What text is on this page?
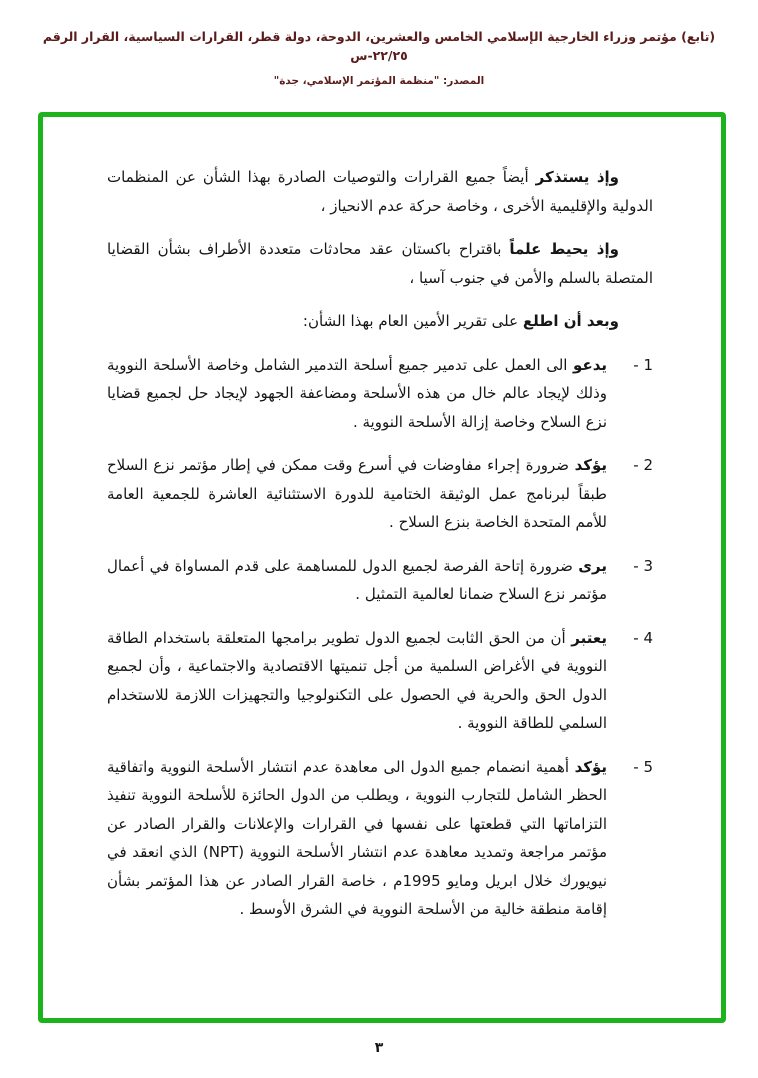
(تابع) مؤتمر وزراء الخارجية الإسلامي الخامس والعشرين، الدوحة، دولة قطر، القرارات السياسية، القرار الرقم ٢٢/٢٥-س
المصدر: "منظمة المؤتمر الإسلامي، جدة"

وإذ يستذكر أيضاً جميع القرارات والتوصيات الصادرة بهذا الشأن عن المنظمات الدولية والإقليمية الأخرى ، وخاصة حركة عدم الانحياز ،

وإذ يحيط علماً باقتراح باكستان عقد محادثات متعددة الأطراف بشأن القضايا المتصلة بالسلم والأمن في جنوب آسيا ،

وبعد أن اطلع على تقرير الأمين العام بهذا الشأن:

1 -

يدعو الى العمل على تدمير جميع أسلحة التدمير الشامل وخاصة الأسلحة النووية وذلك لإيجاد عالم خال من هذه الأسلحة ومضاعفة الجهود لإيجاد حل لجميع قضايا نزع السلاح وخاصة إزالة الأسلحة النووية .

2 -

يؤكد ضرورة إجراء مفاوضات في أسرع وقت ممكن في إطار مؤتمر نزع السلاح طبقاً لبرنامج عمل الوثيقة الختامية للدورة الاستثنائية العاشرة للجمعية العامة للأمم المتحدة الخاصة بنزع السلاح .

3 -

يرى ضرورة إتاحة الفرصة لجميع الدول للمساهمة على قدم المساواة في أعمال مؤتمر نزع السلاح ضمانا لعالمية التمثيل .

4 -

يعتبر أن من الحق الثابت لجميع الدول تطوير برامجها المتعلقة باستخدام الطاقة النووية في الأغراض السلمية من أجل تنميتها الاقتصادية والاجتماعية ، وأن لجميع الدول الحق والحرية في الحصول على التكنولوجيا والتجهيزات اللازمة للاستخدام السلمي للطاقة النووية .

5 -

يؤكد أهمية انضمام جميع الدول الى معاهدة عدم انتشار الأسلحة النووية واتفاقية الحظر الشامل للتجارب النووية ، ويطلب من الدول الحائزة للأسلحة النووية تنفيذ التزاماتها التي قطعتها على نفسها في القرارات والإعلانات والقرار الصادر عن مؤتمر مراجعة وتمديد معاهدة عدم انتشار الأسلحة النووية (NPT) الذي انعقد في نيويورك خلال ابريل ومايو 1995م ، خاصة القرار الصادر عن هذا المؤتمر بشأن إقامة منطقة خالية من الأسلحة النووية في الشرق الأوسط .

٣
